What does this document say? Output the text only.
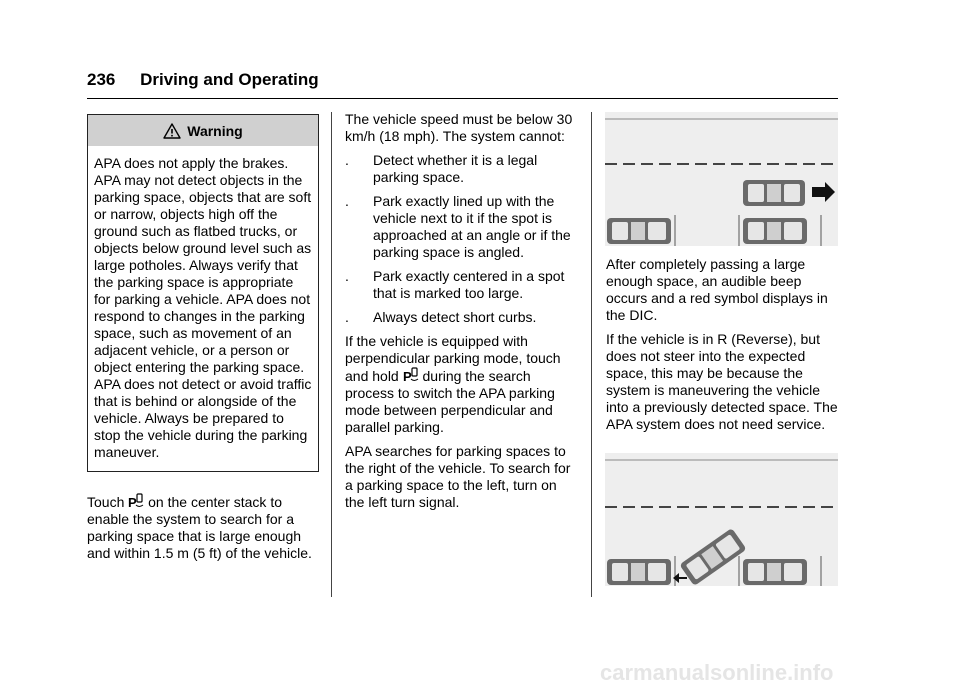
236 Driving and Operating
Warning
APA does not apply the brakes. APA may not detect objects in the parking space, objects that are soft or narrow, objects high off the ground such as flatbed trucks, or objects below ground level such as large potholes. Always verify that the parking space is appropriate for parking a vehicle. APA does not respond to changes in the parking space, such as movement of an adjacent vehicle, or a person or object entering the parking space. APA does not detect or avoid traffic that is behind or alongside of the vehicle. Always be prepared to stop the vehicle during the parking maneuver.
Touch P on the center stack to enable the system to search for a parking space that is large enough and within 1.5 m (5 ft) of the vehicle.

The vehicle speed must be below 30 km/h (18 mph). The system cannot:

. Detect whether it is a legal parking space.
. Park exactly lined up with the vehicle next to it if the spot is approached at an angle or if the parking space is angled.
. Park exactly centered in a spot that is marked too large.
. Always detect short curbs.

If the vehicle is equipped with perpendicular parking mode, touch and hold P during the search process to switch the APA parking mode between perpendicular and parallel parking.

APA searches for parking spaces to the right of the vehicle. To search for a parking space to the left, turn on the left turn signal.

After completely passing a large enough space, an audible beep occurs and a red symbol displays in the DIC.

If the vehicle is in R (Reverse), but does not steer into the expected space, this may be because the system is maneuvering the vehicle into a previously detected space. The APA system does not need service.

carmanualsonline.info
